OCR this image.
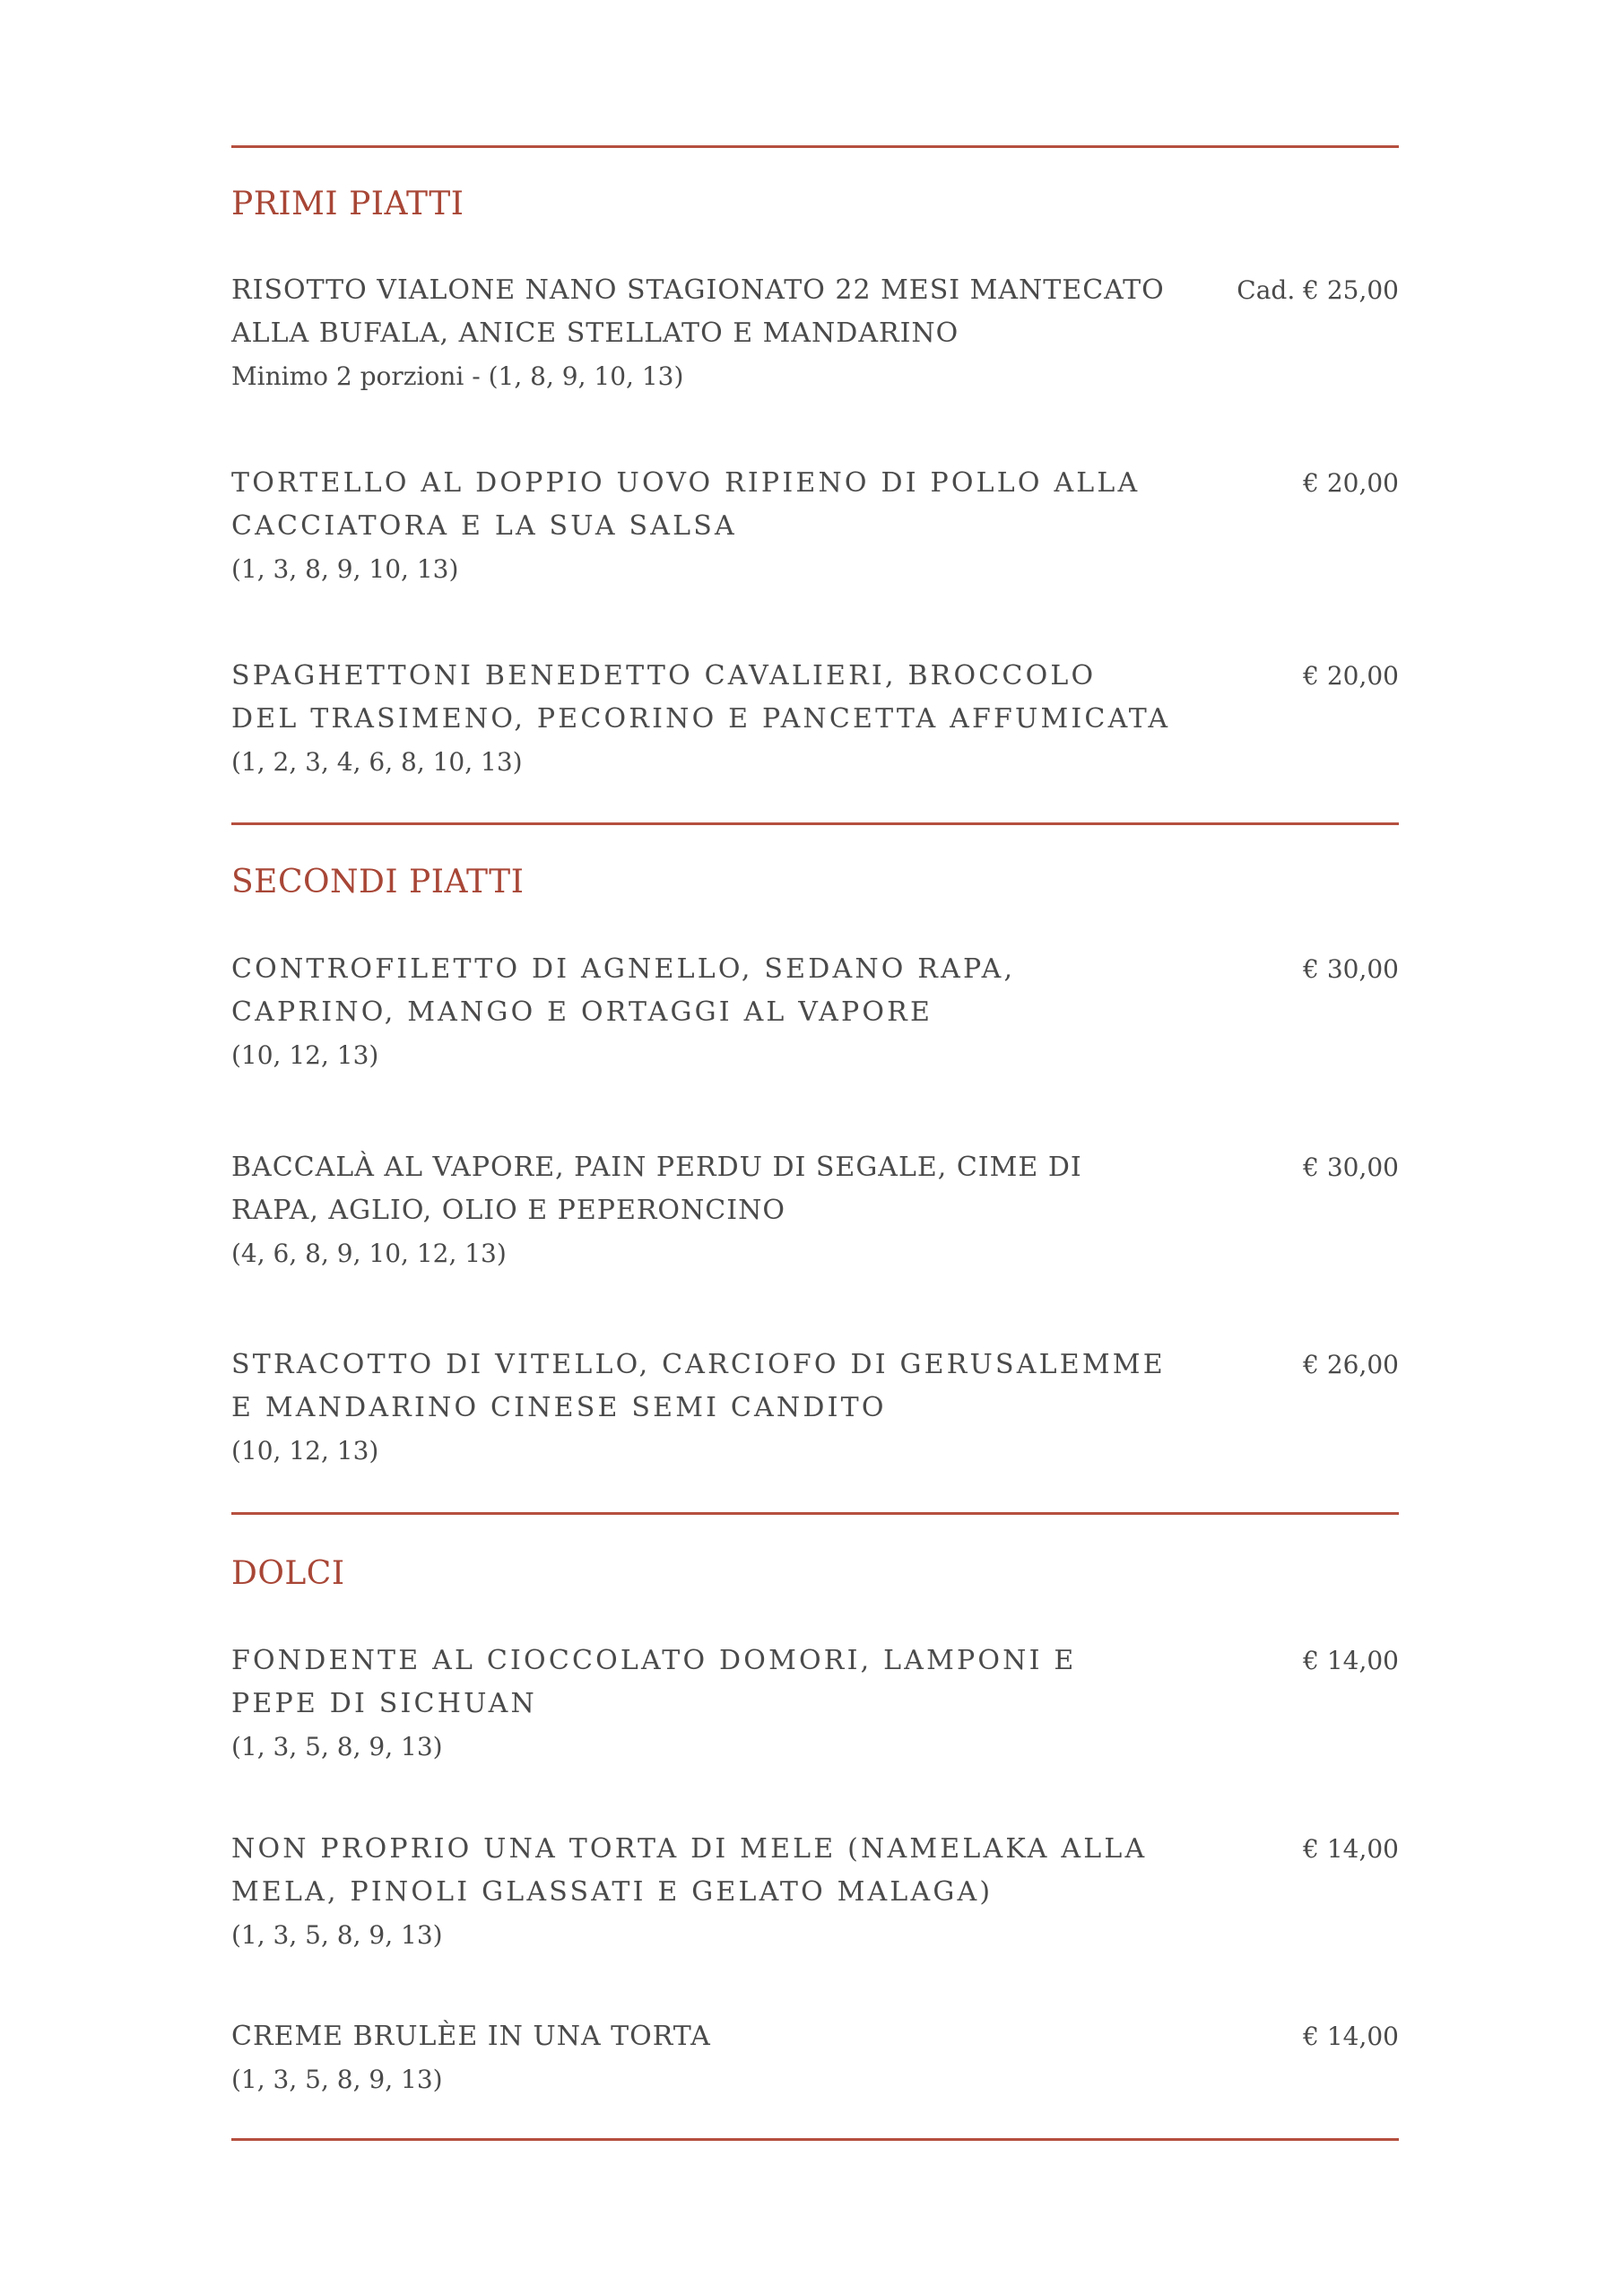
PRIMI PIATTI
RISOTTO VIALONE NANO STAGIONATO 22 MESI MANTECATO ALLA BUFALA, ANICE STELLATO E MANDARINO
Minimo 2 porzioni - (1, 8, 9, 10, 13)
Cad. € 25,00
TORTELLO AL DOPPIO UOVO RIPIENO DI POLLO ALLA CACCIATORA E LA SUA SALSA
(1, 3, 8, 9, 10, 13)
€ 20,00
SPAGHETTONI BENEDETTO CAVALIERI, BROCCOLO DEL TRASIMENO, PECORINO E PANCETTA AFFUMICATA
(1, 2, 3, 4, 6, 8, 10, 13)
€ 20,00
SECONDI PIATTI
CONTROFILETTO DI AGNELLO, SEDANO RAPA, CAPRINO, MANGO E ORTAGGI AL VAPORE
(10, 12, 13)
€ 30,00
BACCALÀ AL VAPORE, PAIN PERDU DI SEGALE, CIME DI RAPA, AGLIO, OLIO E PEPERONCINO
(4, 6, 8, 9, 10, 12, 13)
€ 30,00
STRACOTTO DI VITELLO, CARCIOFO DI GERUSALEMME E MANDARINO CINESE SEMI CANDITO
(10, 12, 13)
€ 26,00
DOLCI
FONDENTE AL CIOCCOLATO DOMORI, LAMPONI E PEPE DI SICHUAN
(1, 3, 5, 8, 9, 13)
€ 14,00
NON PROPRIO UNA TORTA DI MELE (NAMELAKA ALLA MELA, PINOLI GLASSATI E GELATO MALAGA)
(1, 3, 5, 8, 9, 13)
€ 14,00
CREME BRULÈE IN UNA TORTA
(1, 3, 5, 8, 9, 13)
€ 14,00
